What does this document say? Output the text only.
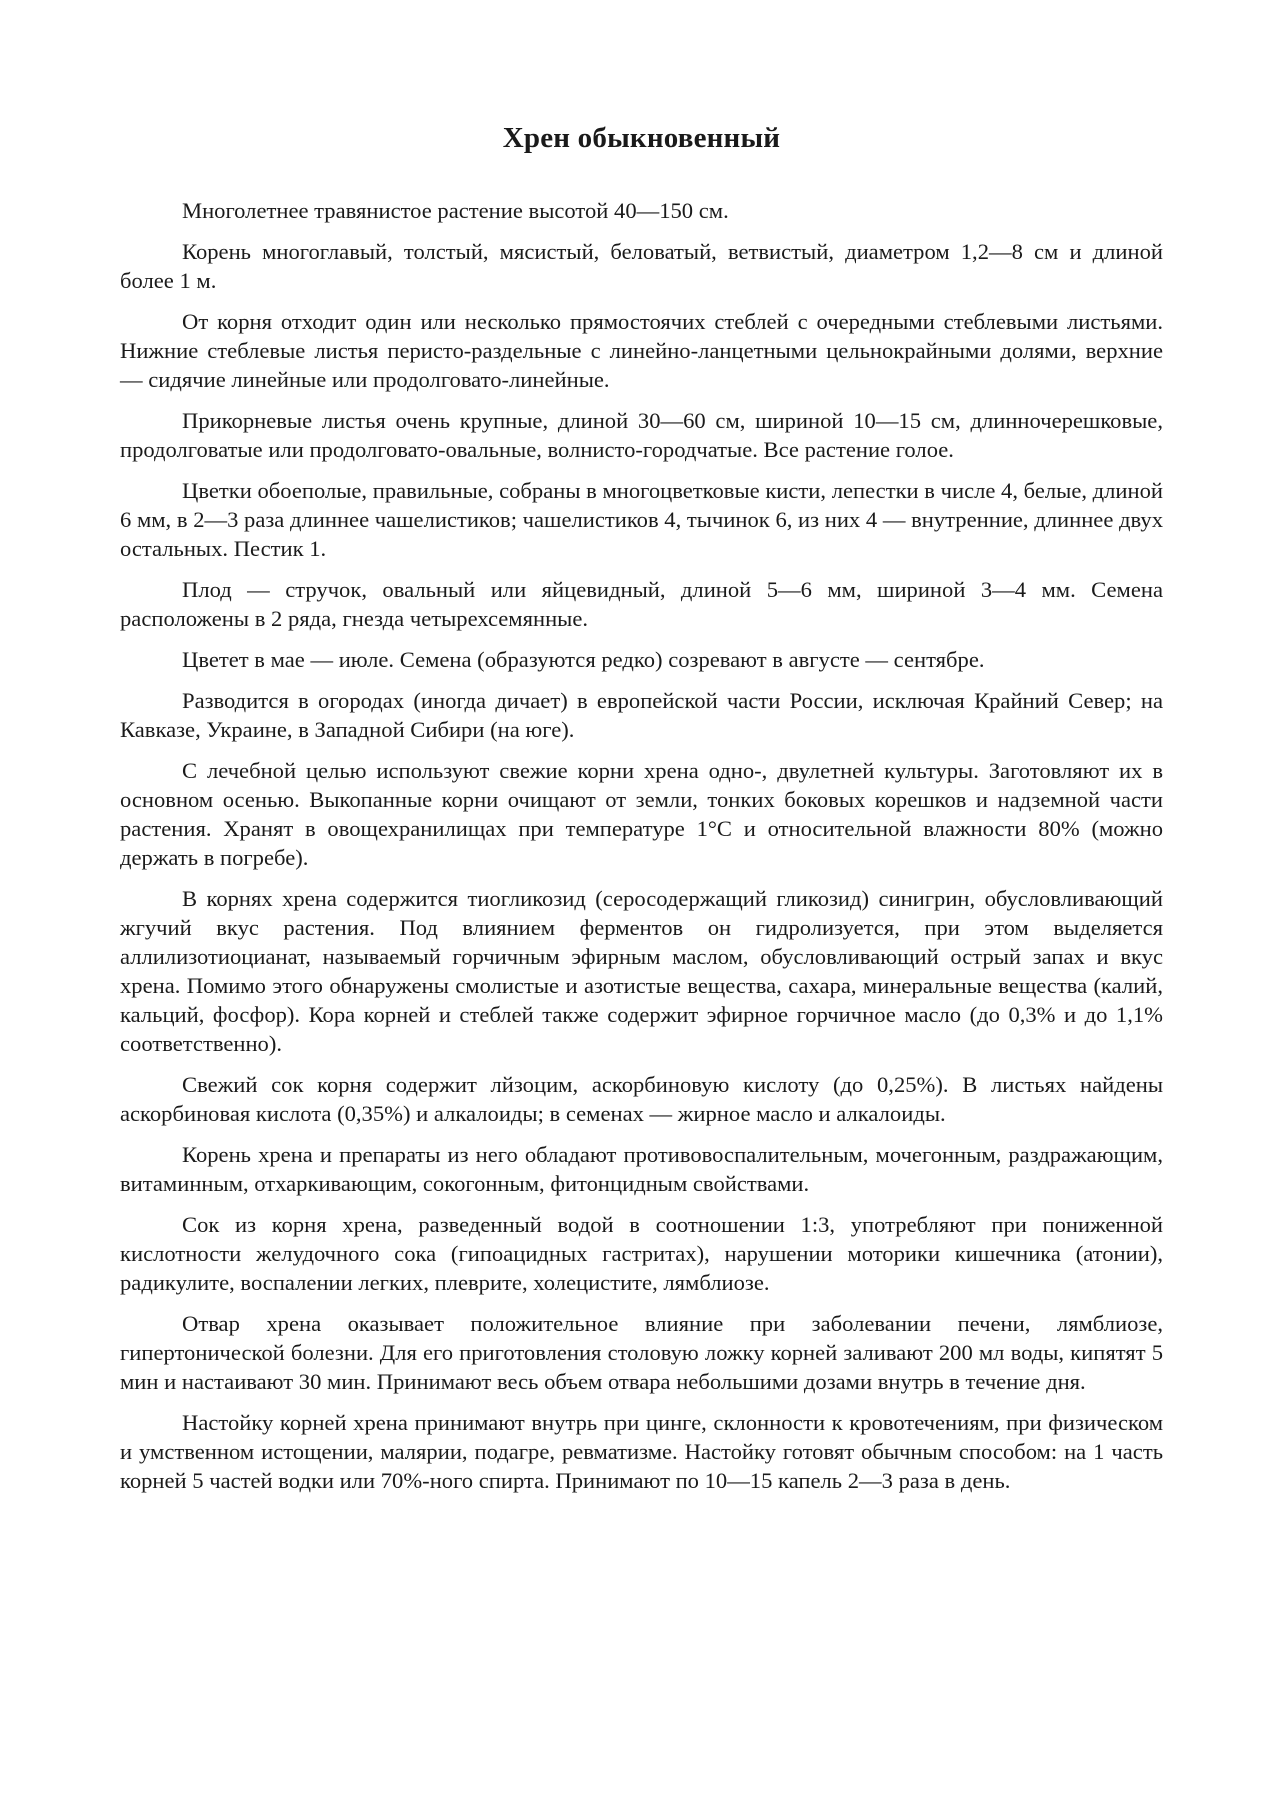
Хрен обыкновенный

Многолетнее травянистое растение высотой 40—150 см.

Корень многоглавый, толстый, мясистый, беловатый, ветвистый, диаметром 1,2—8 см и длиной более 1 м.

От корня отходит один или несколько прямостоячих стеблей с очередными стеблевыми листьями. Нижние стеблевые листья перисто-раздельные с линейно-ланцетными цельнокрайными долями, верхние — сидячие линейные или продолговато-линейные.

Прикорневые листья очень крупные, длиной 30—60 см, шириной 10—15 см, длинночерешковые, продолговатые или продолговато-овальные, волнисто-городчатые. Все растение голое.

Цветки обоеполые, правильные, собраны в многоцветковые кисти, лепестки в числе 4, белые, длиной 6 мм, в 2—3 раза длиннее чашелистиков; чашелистиков 4, тычинок 6, из них 4 — внутренние, длиннее двух остальных. Пестик 1.

Плод — стручок, овальный или яйцевидный, длиной 5—6 мм, шириной 3—4 мм. Семена расположены в 2 ряда, гнезда четырехсемянные.

Цветет в мае — июле. Семена (образуются редко) созревают в августе — сентябре.

Разводится в огородах (иногда дичает) в европейской части России, исключая Крайний Север; на Кавказе, Украине, в Западной Сибири (на юге).

С лечебной целью используют свежие корни хрена одно-, двулетней культуры. Заготовляют их в основном осенью. Выкопанные корни очищают от земли, тонких боковых корешков и надземной части растения. Хранят в овощехранилищах при температуре 1°С и относительной влажности 80% (можно держать в погребе).

В корнях хрена содержится тиогликозид (серосодержащий гликозид) синигрин, обусловливающий жгучий вкус растения. Под влиянием ферментов он гидролизуется, при этом выделяется аллилизотиоцианат, называемый горчичным эфирным маслом, обусловливающий острый запах и вкус хрена. Помимо этого обнаружены смолистые и азотистые вещества, сахара, минеральные вещества (калий, кальций, фосфор). Кора корней и стеблей также содержит эфирное горчичное масло (до 0,3% и до 1,1% соответственно).

Свежий сок корня содержит лйзоцим, аскорбиновую кислоту (до 0,25%). В листьях найдены аскорбиновая кислота (0,35%) и алкалоиды; в семенах — жирное масло и алкалоиды.

Корень хрена и препараты из него обладают противовоспалительным, мочегонным, раздражающим, витаминным, отхаркивающим, сокогонным, фитонцидным свойствами.

Сок из корня хрена, разведенный водой в соотношении 1:3, употребляют при пониженной кислотности желудочного сока (гипоацидных гастритах), нарушении моторики кишечника (атонии), радикулите, воспалении легких, плеврите, холецистите, лямблиозе.

Отвар хрена оказывает положительное влияние при заболевании печени, лямблиозе, гипертонической болезни. Для его приготовления столовую ложку корней заливают 200 мл воды, кипятят 5 мин и настаивают 30 мин. Принимают весь объем отвара небольшими дозами внутрь в течение дня.

Настойку корней хрена принимают внутрь при цинге, склонности к кровотечениям, при физическом и умственном истощении, малярии, подагре, ревматизме. Настойку готовят обычным способом: на 1 часть корней 5 частей водки или 70%-ного спирта. Принимают по 10—15 капель 2—3 раза в день.
